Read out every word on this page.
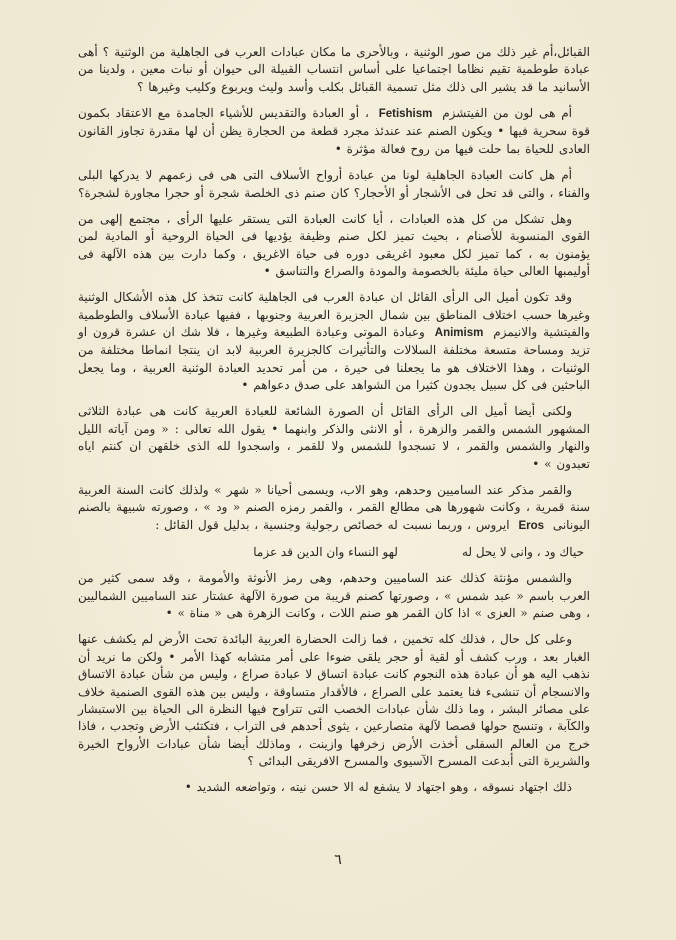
القبائل،أم غير ذلك من صور الوثنية ، وبالأحرى ما مكان عبادات العرب فى الجاهلية من الوثنية ؟ أهى عبادة طوطمية تقيم نظاما اجتماعيا على أساس انتساب القبيلة الى حيوان أو نبات معين ، ولدينا من الأسانيد ما قد يشير الى ذلك مثل تسمية القبائل بكلب وأسد وليث ويربوع وكليب وغيرها ؟

أم هى لون من الفيتشزم Fetishism ، أو العبادة والتقديس للأشياء الجامدة مع الاعتقاد بكمون قوة سحرية فيها • ويكون الصنم عند عندئذ مجرد قطعة من الحجارة يظن أن لها مقدرة تجاوز القانون العادى للحياة بما حلت فيها من روح فعالة مؤثرة •

أم هل كانت العبادة الجاهلية لونا من عبادة أرواح الأسلاف التى هى فى زعمهم لا يدركها البلى والفناء ، والتى قد تحل فى الأشجار أو الأحجار؟ كان صنم ذى الخلصة شجرة أو حجرا مجاورة لشجرة؟

وهل تشكل من كل هذه العبادات ، أيا كانت العبادة التى يستقر عليها الرأى ، مجتمع إلهى من القوى المنسوبة للأصنام ، بحيث تميز لكل صنم وظيفة يؤديها فى الحياة الروحية أو المادية لمن يؤمنون به ، كما تميز لكل معبود اغريقى دوره فى حياة الاغريق ، وكما دارت بين هذه الآلهة فى أوليمبها العالى حياة مليئة بالخصومة والمودة والصراع والتناسق •

وقد تكون أميل الى الرأى القائل ان عبادة العرب فى الجاهلية كانت تتخذ كل هذه الأشكال الوثنية وغيرها حسب اختلاف المناطق بين شمال الجزيرة العربية وجنوبها ، ففيها عبادة الأسلاف والطوطمية والفيتشية والانيمزم Animism وعبادة الموتى وعبادة الطبيعة وغيرها ، فلا شك ان عشرة قرون او تزيد ومساحة متسعة مختلفة السلالات والتأثيرات كالجزيرة العربية لابد ان ينتجا انماطا مختلفة من الوثنيات ، وهذا الاختلاف هو ما يجعلنا فى حيرة ، من أمر تحديد العبادة الوثنية العربية ، وما يجعل الباحثين فى كل سبيل يجدون كثيرا من الشواهد على صدق دعواهم •

ولكنى أيضا أميل الى الرأى القائل أن الصورة الشائعة للعبادة العربية كانت هى عبادة الثلاثى المشهور الشمس والقمر والزهرة ، أو الانثى والذكر وابنهما • يقول الله تعالى : « ومن آياته الليل والنهار والشمس والقمر ، لا تسجدوا للشمس ولا للقمر ، واسجدوا لله الذى خلقهن ان كنتم اياه تعبدون » •

والقمر مذكر عند الساميين وحدهم، وهو الاب، ويسمى أحيانا « شهر » ولذلك كانت السنة العربية سنة قمرية ، وكانت شهورها هى مطالع القمر ، والقمر رمزه الصنم « ود » ، وصورته شبيهة بالصنم اليونانى Eros ايروس ، وربما نسبت له خصائص رجولية وجنسية ، بدليل قول القائل :

حياك ود ، وانى لا يحل له
لهو النساء وان الدين قد عزما

والشمس مؤنثة كذلك عند الساميين وحدهم، وهى رمز الأنوثة والأمومة ، وقد سمى كثير من العرب باسم « عبد شمس » ، وصورتها كصنم قريبة من صورة الآلهة عشتار عند الساميين الشماليين ، وهى صنم « العزى » اذا كان القمر هو صنم اللات ، وكانت الزهرة هى « مناة » •

وعلى كل حال ، فذلك كله تخمين ، فما زالت الحضارة العربية البائدة تحت الأرض لم يكشف عنها الغبار بعد ، ورب كشف أو لقية أو حجر يلقى ضوءا على أمر متشابه كهذا الأمر • ولكن ما نريد أن نذهب اليه هو أن عبادة هذه النجوم كانت عبادة اتساق لا عبادة صراع ، وليس من شأن عبادة الاتساق والانسجام أن تنشىء فنا يعتمد على الصراع ، فالأقدار متساوقة ، وليس بين هذه القوى الصنمية خلاف على مصائر البشر ، وما ذلك شأن عبادات الخصب التى تتراوح فيها النظرة الى الحياة بين الاستبشار والكآبة ، وتنسج حولها قصصا لآلهة متصارعين ، يثوى أحدهم فى التراب ، فتكتئب الأرض وتجدب ، فاذا خرج من العالم السفلى أخذت الأرض زخرفها وازينت ، وماذلك أيضا شأن عبادات الأرواح الخيرة والشريرة التى أبدعت المسرح الآسيوى والمسرح الافريقى البدائى ؟

ذلك اجتهاد نسوقه ، وهو اجتهاد لا يشفع له الا حسن نيته ، وتواضعه الشديد •

٦
